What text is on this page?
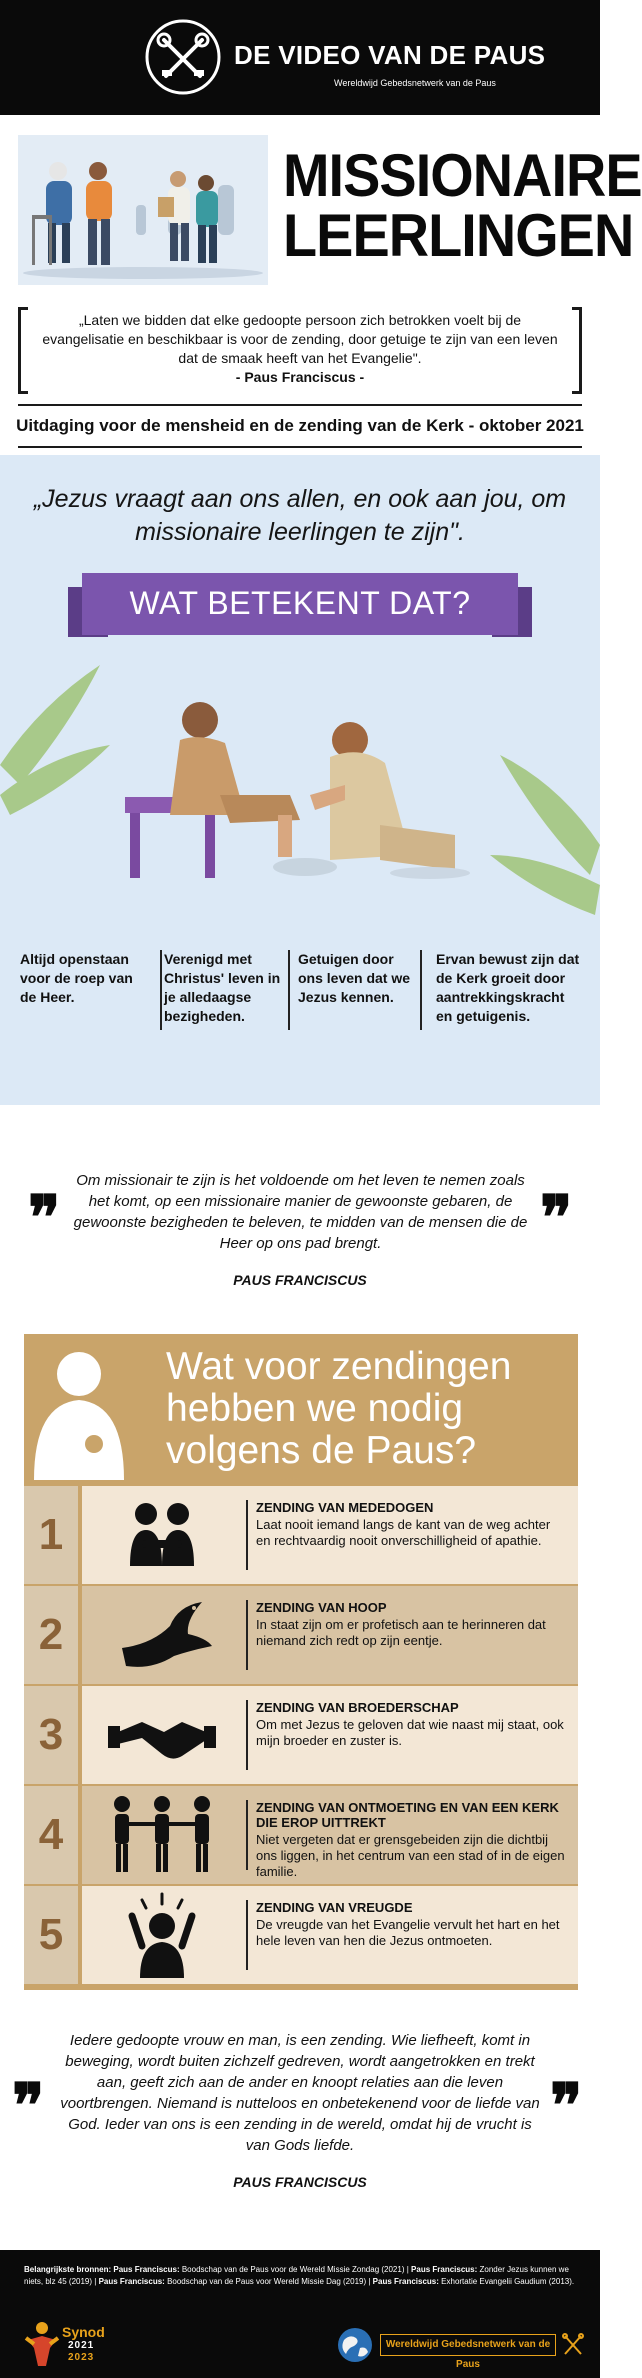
DE VIDEO VAN DE PAUS
Wereldwijd Gebedsnetwerk van de Paus
MISSIONAIRE
LEERLINGEN
„Laten we bidden dat elke gedoopte persoon zich betrokken voelt bij de evangelisatie en beschikbaar is voor de zending, door getuige te zijn van een leven dat de smaak heeft van het Evangelie".
- Paus Franciscus -
Uitdaging voor de mensheid en de zending van de Kerk - oktober 2021
„Jezus vraagt aan ons allen, en ook aan jou, om missionaire leerlingen te zijn".
WAT BETEKENT DAT?
Altijd openstaan voor de roep van de Heer.
Verenigd met Christus' leven in je alledaagse bezigheden.
Getuigen door ons leven dat we Jezus kennen.
Ervan bewust zijn dat de Kerk groeit door aantrekkingskracht en getuigenis.
❞
Om missionair te zijn is het voldoende om het leven te nemen zoals het komt, op een missionaire manier de gewoonste gebaren, de gewoonste bezigheden te beleven, te midden van de mensen die de Heer op ons pad brengt.	❞
PAUS FRANCISCUS
Wat voor zendingen hebben we nodig volgens de Paus?
1
ZENDING VAN MEDEDOGEN
Laat nooit iemand langs de kant van de weg achter en rechtvaardig nooit onverschilligheid of apathie.
2
ZENDING VAN HOOP
In staat zijn om er profetisch aan te herinneren dat niemand zich redt op zijn eentje.
3
ZENDING VAN BROEDERSCHAP
Om met Jezus te geloven dat wie naast mij staat, ook mijn broeder en zuster is.
4
ZENDING VAN ONTMOETING EN VAN EEN KERK DIE EROP UITTREKT
Niet vergeten dat er grensgebeiden zijn die dichtbij ons liggen, in het centrum van een stad of in de eigen familie.
5
ZENDING VAN VREUGDE
De vreugde van het Evangelie vervult het hart en het hele leven van hen die Jezus ontmoeten.
❞
Iedere gedoopte vrouw en man, is een zending. Wie liefheeft, komt in beweging, wordt buiten zichzelf gedreven, wordt aangetrokken en trekt aan, geeft zich aan de ander en knoopt relaties aan die leven voortbrengen. Niemand is nutteloos en onbetekenend voor de liefde van God. Ieder van ons is een zending in de wereld, omdat hij de vrucht is van Gods liefde.
❞
PAUS FRANCISCUS
Belangrijkste bronnen: Paus Franciscus: Boodschap van de Paus voor de Wereld Missie Zondag (2021) | Paus Franciscus: Zonder Jezus kunnen we niets, blz 45 (2019) | Paus Franciscus: Boodschap van de Paus voor Wereld Missie Dag (2019) | Paus Franciscus: Exhortatie Evangelii Gaudium (2013).
Synod
2021
2023
Wereldwijd Gebedsnetwerk van de Paus
